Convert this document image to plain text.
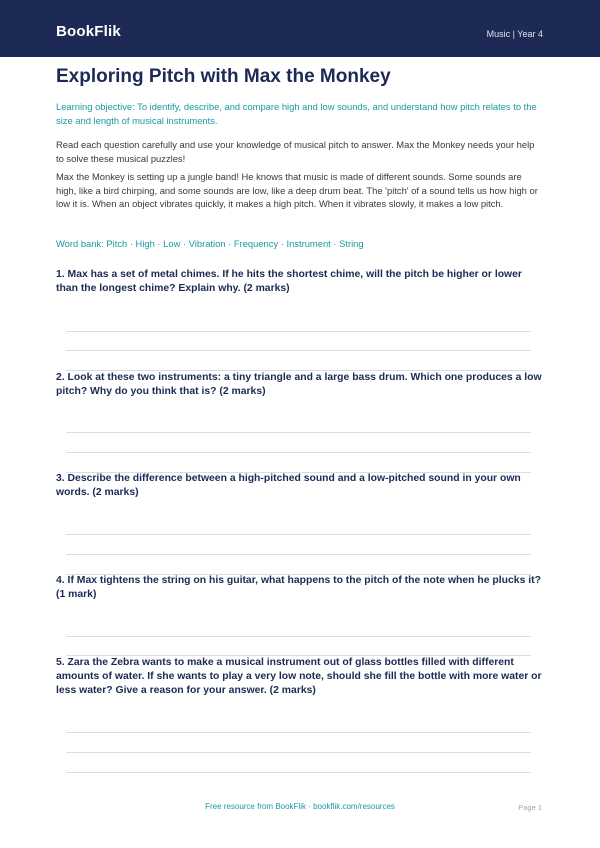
BookFlik	Music | Year 4
Exploring Pitch with Max the Monkey

Learning objective: To identify, describe, and compare high and low sounds, and understand how pitch relates to the size and length of musical instruments.

Read each question carefully and use your knowledge of musical pitch to answer. Max the Monkey needs your help to solve these musical puzzles!

Max the Monkey is setting up a jungle band! He knows that music is made of different sounds. Some sounds are high, like a bird chirping, and some sounds are low, like a deep drum beat. The 'pitch' of a sound tells us how high or low it is. When an object vibrates quickly, it makes a high pitch. When it vibrates slowly, it makes a low pitch.

Word bank: Pitch · High · Low · Vibration · Frequency · Instrument · String

1. Max has a set of metal chimes. If he hits the shortest chime, will the pitch be higher or lower than the longest chime? Explain why. (2 marks)

2. Look at these two instruments: a tiny triangle and a large bass drum. Which one produces a low pitch? Why do you think that is? (2 marks)

3. Describe the difference between a high-pitched sound and a low-pitched sound in your own words. (2 marks)

4. If Max tightens the string on his guitar, what happens to the pitch of the note when he plucks it? (1 mark)

5. Zara the Zebra wants to make a musical instrument out of glass bottles filled with different amounts of water. If she wants to play a very low note, should she fill the bottle with more water or less water? Give a reason for your answer. (2 marks)

Free resource from BookFlik · bookflik.com/resources	Page 1
